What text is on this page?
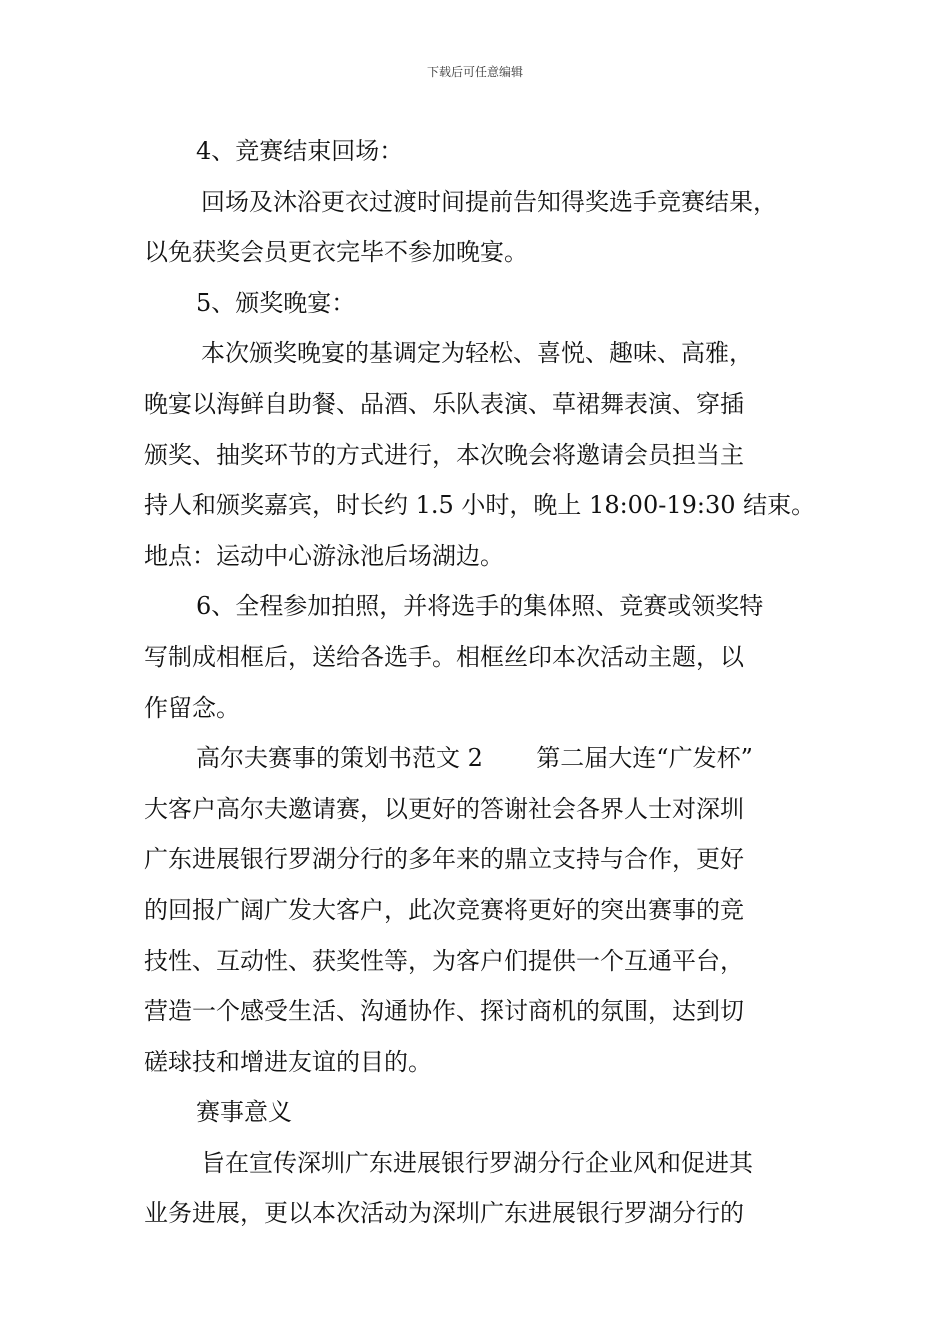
下载后可任意编辑
4、竞赛结束回场：
回场及沐浴更衣过渡时间提前告知得奖选手竞赛结果，
以免获奖会员更衣完毕不参加晚宴。
5、颁奖晚宴：
本次颁奖晚宴的基调定为轻松、喜悦、趣味、高雅，
晚宴以海鲜自助餐、品酒、乐队表演、草裙舞表演、穿插
颁奖、抽奖环节的方式进行，本次晚会将邀请会员担当主
持人和颁奖嘉宾，时长约 1.5 小时，晚上 18:00-19:30 结束。
地点：运动中心游泳池后场湖边。
6、全程参加拍照，并将选手的集体照、竞赛或领奖特
写制成相框后，送给各选手。相框丝印本次活动主题，以
作留念。
高尔夫赛事的策划书范文 2       第二届大连“广发杯”
大客户高尔夫邀请赛，以更好的答谢社会各界人士对深圳
广东进展银行罗湖分行的多年来的鼎立支持与合作，更好
的回报广阔广发大客户，此次竞赛将更好的突出赛事的竞
技性、互动性、获奖性等，为客户们提供一个互通平台，
营造一个感受生活、沟通协作、探讨商机的氛围，达到切
磋球技和增进友谊的目的。
赛事意义
旨在宣传深圳广东进展银行罗湖分行企业风和促进其
业务进展，更以本次活动为深圳广东进展银行罗湖分行的
